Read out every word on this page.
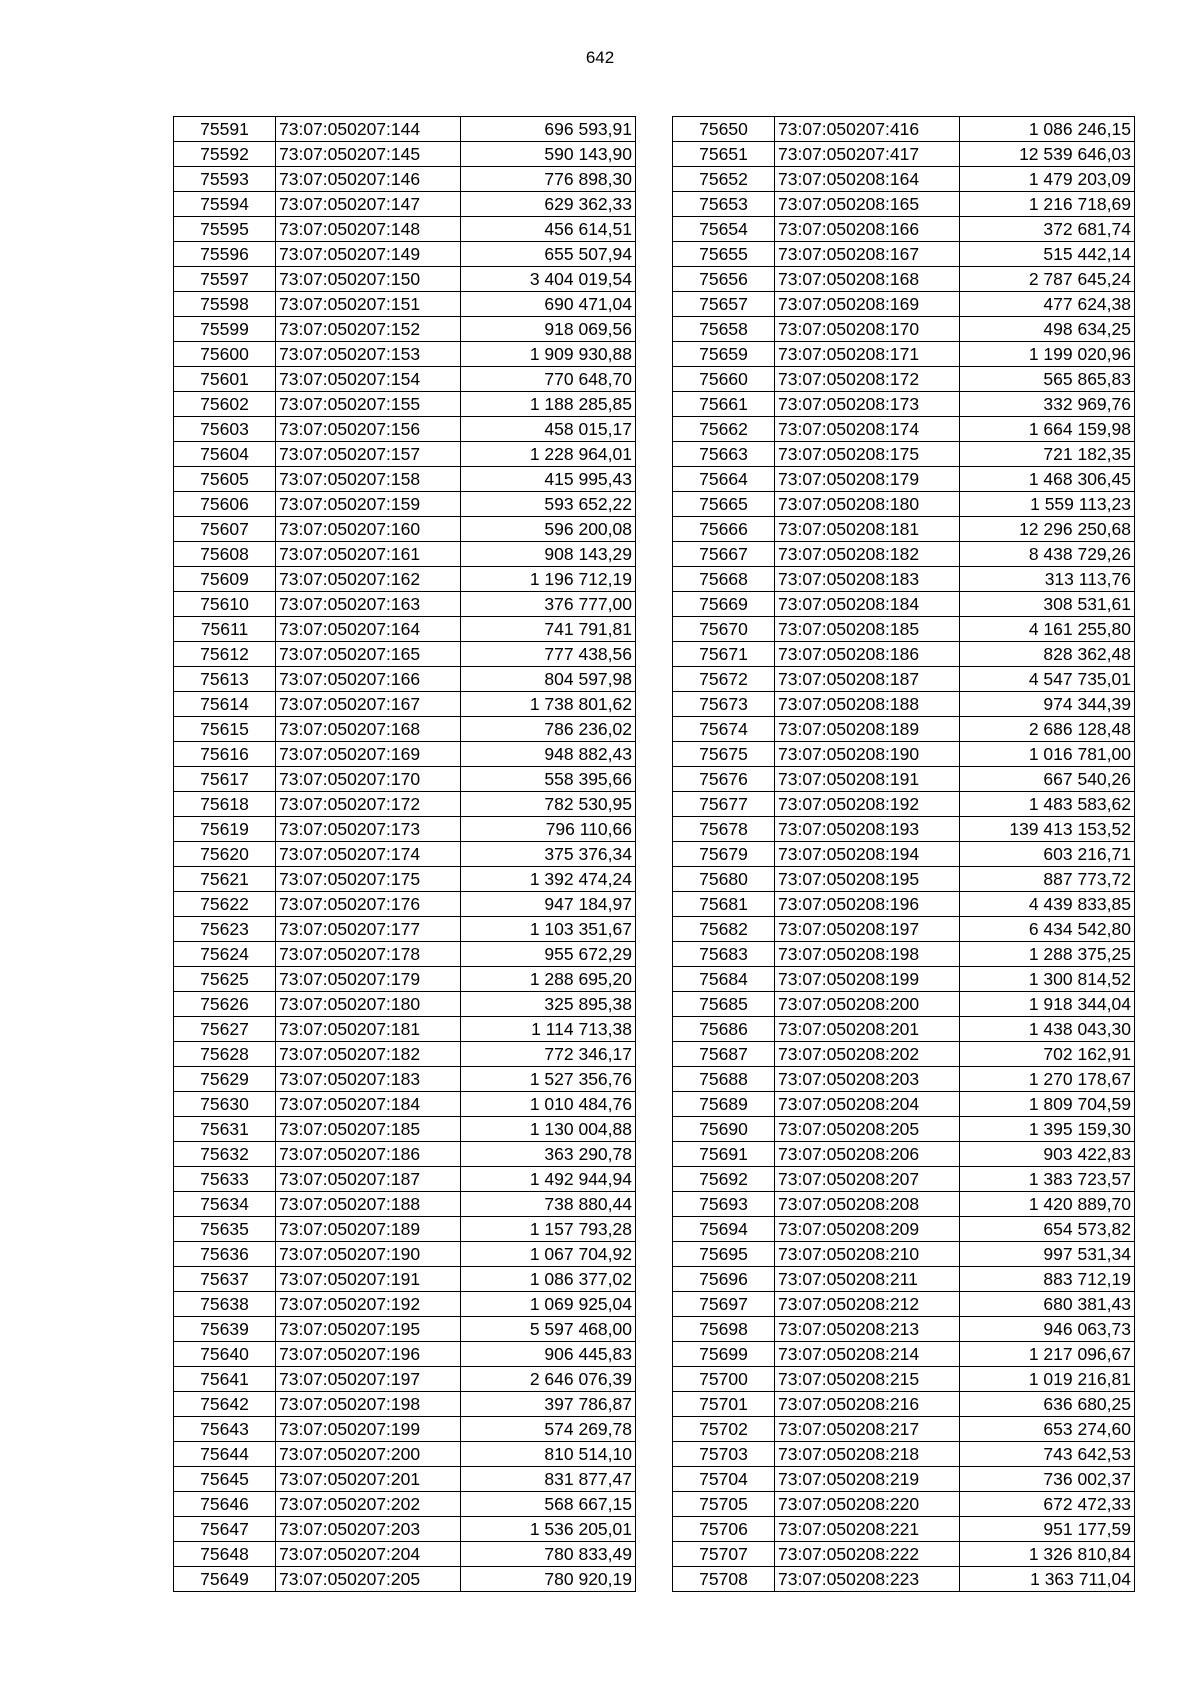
642
75591	73:07:050207:144	696 593,91
75592	73:07:050207:145	590 143,90
75593	73:07:050207:146	776 898,30
75594	73:07:050207:147	629 362,33
75595	73:07:050207:148	456 614,51
75596	73:07:050207:149	655 507,94
75597	73:07:050207:150	3 404 019,54
75598	73:07:050207:151	690 471,04
75599	73:07:050207:152	918 069,56
75600	73:07:050207:153	1 909 930,88
75601	73:07:050207:154	770 648,70
75602	73:07:050207:155	1 188 285,85
75603	73:07:050207:156	458 015,17
75604	73:07:050207:157	1 228 964,01
75605	73:07:050207:158	415 995,43
75606	73:07:050207:159	593 652,22
75607	73:07:050207:160	596 200,08
75608	73:07:050207:161	908 143,29
75609	73:07:050207:162	1 196 712,19
75610	73:07:050207:163	376 777,00
75611	73:07:050207:164	741 791,81
75612	73:07:050207:165	777 438,56
75613	73:07:050207:166	804 597,98
75614	73:07:050207:167	1 738 801,62
75615	73:07:050207:168	786 236,02
75616	73:07:050207:169	948 882,43
75617	73:07:050207:170	558 395,66
75618	73:07:050207:172	782 530,95
75619	73:07:050207:173	796 110,66
75620	73:07:050207:174	375 376,34
75621	73:07:050207:175	1 392 474,24
75622	73:07:050207:176	947 184,97
75623	73:07:050207:177	1 103 351,67
75624	73:07:050207:178	955 672,29
75625	73:07:050207:179	1 288 695,20
75626	73:07:050207:180	325 895,38
75627	73:07:050207:181	1 114 713,38
75628	73:07:050207:182	772 346,17
75629	73:07:050207:183	1 527 356,76
75630	73:07:050207:184	1 010 484,76
75631	73:07:050207:185	1 130 004,88
75632	73:07:050207:186	363 290,78
75633	73:07:050207:187	1 492 944,94
75634	73:07:050207:188	738 880,44
75635	73:07:050207:189	1 157 793,28
75636	73:07:050207:190	1 067 704,92
75637	73:07:050207:191	1 086 377,02
75638	73:07:050207:192	1 069 925,04
75639	73:07:050207:195	5 597 468,00
75640	73:07:050207:196	906 445,83
75641	73:07:050207:197	2 646 076,39
75642	73:07:050207:198	397 786,87
75643	73:07:050207:199	574 269,78
75644	73:07:050207:200	810 514,10
75645	73:07:050207:201	831 877,47
75646	73:07:050207:202	568 667,15
75647	73:07:050207:203	1 536 205,01
75648	73:07:050207:204	780 833,49
75649	73:07:050207:205	780 920,19
75650	73:07:050207:416	1 086 246,15
75651	73:07:050207:417	12 539 646,03
75652	73:07:050208:164	1 479 203,09
75653	73:07:050208:165	1 216 718,69
75654	73:07:050208:166	372 681,74
75655	73:07:050208:167	515 442,14
75656	73:07:050208:168	2 787 645,24
75657	73:07:050208:169	477 624,38
75658	73:07:050208:170	498 634,25
75659	73:07:050208:171	1 199 020,96
75660	73:07:050208:172	565 865,83
75661	73:07:050208:173	332 969,76
75662	73:07:050208:174	1 664 159,98
75663	73:07:050208:175	721 182,35
75664	73:07:050208:179	1 468 306,45
75665	73:07:050208:180	1 559 113,23
75666	73:07:050208:181	12 296 250,68
75667	73:07:050208:182	8 438 729,26
75668	73:07:050208:183	313 113,76
75669	73:07:050208:184	308 531,61
75670	73:07:050208:185	4 161 255,80
75671	73:07:050208:186	828 362,48
75672	73:07:050208:187	4 547 735,01
75673	73:07:050208:188	974 344,39
75674	73:07:050208:189	2 686 128,48
75675	73:07:050208:190	1 016 781,00
75676	73:07:050208:191	667 540,26
75677	73:07:050208:192	1 483 583,62
75678	73:07:050208:193	139 413 153,52
75679	73:07:050208:194	603 216,71
75680	73:07:050208:195	887 773,72
75681	73:07:050208:196	4 439 833,85
75682	73:07:050208:197	6 434 542,80
75683	73:07:050208:198	1 288 375,25
75684	73:07:050208:199	1 300 814,52
75685	73:07:050208:200	1 918 344,04
75686	73:07:050208:201	1 438 043,30
75687	73:07:050208:202	702 162,91
75688	73:07:050208:203	1 270 178,67
75689	73:07:050208:204	1 809 704,59
75690	73:07:050208:205	1 395 159,30
75691	73:07:050208:206	903 422,83
75692	73:07:050208:207	1 383 723,57
75693	73:07:050208:208	1 420 889,70
75694	73:07:050208:209	654 573,82
75695	73:07:050208:210	997 531,34
75696	73:07:050208:211	883 712,19
75697	73:07:050208:212	680 381,43
75698	73:07:050208:213	946 063,73
75699	73:07:050208:214	1 217 096,67
75700	73:07:050208:215	1 019 216,81
75701	73:07:050208:216	636 680,25
75702	73:07:050208:217	653 274,60
75703	73:07:050208:218	743 642,53
75704	73:07:050208:219	736 002,37
75705	73:07:050208:220	672 472,33
75706	73:07:050208:221	951 177,59
75707	73:07:050208:222	1 326 810,84
75708	73:07:050208:223	1 363 711,04
